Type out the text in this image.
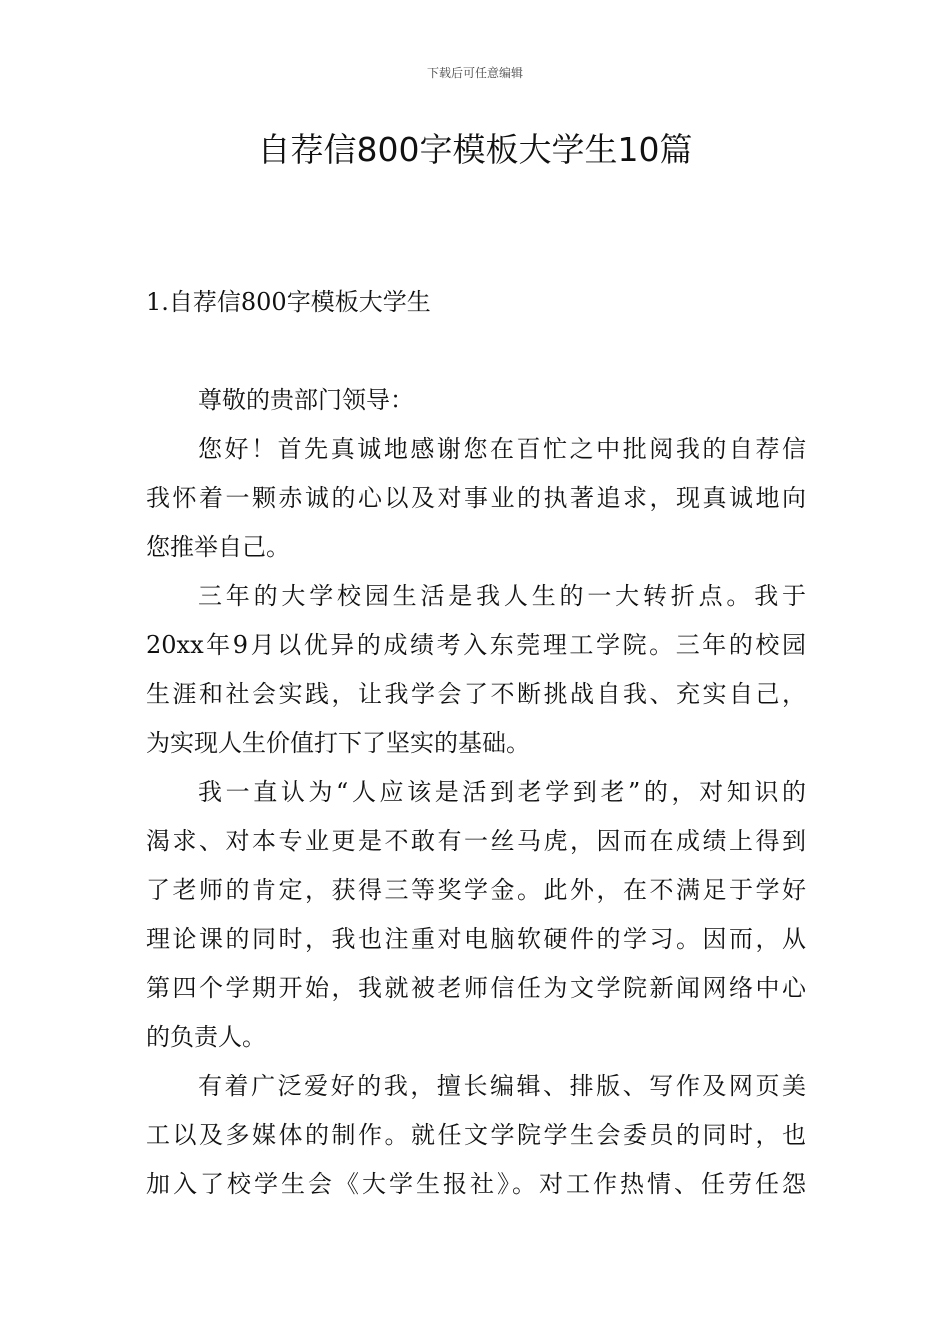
下载后可任意编辑
自荐信800字模板大学生10篇
1.自荐信800字模板大学生

尊敬的贵部门领导：

您好！首先真诚地感谢您在百忙之中批阅我的自荐信
我怀着一颗赤诚的心以及对事业的执著追求，现真诚地向
您推举自己。

三年的大学校园生活是我人生的一大转折点。我于
20xx年9月以优异的成绩考入东莞理工学院。三年的校园
生涯和社会实践，让我学会了不断挑战自我、充实自己，
为实现人生价值打下了坚实的基础。

我一直认为“人应该是活到老学到老”的，对知识的
渴求、对本专业更是不敢有一丝马虎，因而在成绩上得到
了老师的肯定，获得三等奖学金。此外，在不满足于学好
理论课的同时，我也注重对电脑软硬件的学习。因而，从
第四个学期开始，我就被老师信任为文学院新闻网络中心
的负责人。

有着广泛爱好的我，擅长编辑、排版、写作及网页美
工以及多媒体的制作。就任文学院学生会委员的同时，也
加入了校学生会《大学生报社》。对工作热情、任劳任怨
